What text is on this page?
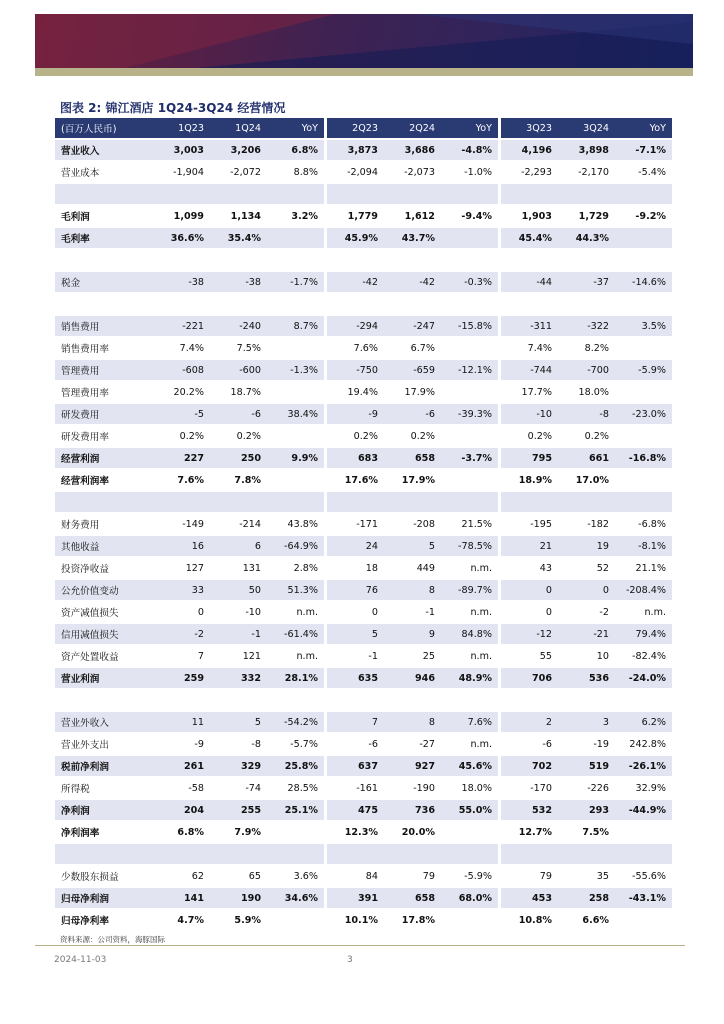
图表 2: 锦江酒店 1Q24-3Q24 经营情况
(百万人民币)	1Q23	1Q24	YoY		2Q23	2Q24	YoY		3Q23	3Q24	YoY
营业收入	3,003	3,206	6.8%		3,873	3,686	-4.8%		4,196	3,898	-7.1%
营业成本	-1,904	-2,072	8.8%		-2,094	-2,073	-1.0%		-2,293	-2,170	-5.4%

毛利润	1,099	1,134	3.2%		1,779	1,612	-9.4%		1,903	1,729	-9.2%
毛利率	36.6%	35.4%			45.9%	43.7%			45.4%	44.3%	

税金	-38	-38	-1.7%		-42	-42	-0.3%		-44	-37	-14.6%

销售费用	-221	-240	8.7%		-294	-247	-15.8%		-311	-322	3.5%
销售费用率	7.4%	7.5%			7.6%	6.7%			7.4%	8.2%	
管理费用	-608	-600	-1.3%		-750	-659	-12.1%		-744	-700	-5.9%
管理费用率	20.2%	18.7%			19.4%	17.9%			17.7%	18.0%	
研发费用	-5	-6	38.4%		-9	-6	-39.3%		-10	-8	-23.0%
研发费用率	0.2%	0.2%			0.2%	0.2%			0.2%	0.2%	
经营利润	227	250	9.9%		683	658	-3.7%		795	661	-16.8%
经营利润率	7.6%	7.8%			17.6%	17.9%			18.9%	17.0%	

财务费用	-149	-214	43.8%		-171	-208	21.5%		-195	-182	-6.8%
其他收益	16	6	-64.9%		24	5	-78.5%		21	19	-8.1%
投资净收益	127	131	2.8%		18	449	n.m.		43	52	21.1%
公允价值变动	33	50	51.3%		76	8	-89.7%		0	0	-208.4%
资产减值损失	0	-10	n.m.		0	-1	n.m.		0	-2	n.m.
信用减值损失	-2	-1	-61.4%		5	9	84.8%		-12	-21	79.4%
资产处置收益	7	121	n.m.		-1	25	n.m.		55	10	-82.4%
营业利润	259	332	28.1%		635	946	48.9%		706	536	-24.0%

营业外收入	11	5	-54.2%		7	8	7.6%		2	3	6.2%
营业外支出	-9	-8	-5.7%		-6	-27	n.m.		-6	-19	242.8%
税前净利润	261	329	25.8%		637	927	45.6%		702	519	-26.1%
所得税	-58	-74	28.5%		-161	-190	18.0%		-170	-226	32.9%
净利润	204	255	25.1%		475	736	55.0%		532	293	-44.9%
净利润率	6.8%	7.9%			12.3%	20.0%			12.7%	7.5%	

少数股东损益	62	65	3.6%		84	79	-5.9%		79	35	-55.6%
归母净利润	141	190	34.6%		391	658	68.0%		453	258	-43.1%
归母净利率	4.7%	5.9%			10.1%	17.8%			10.8%	6.6%	
资料来源：公司资料，海豚国际
2024-11-03	3
